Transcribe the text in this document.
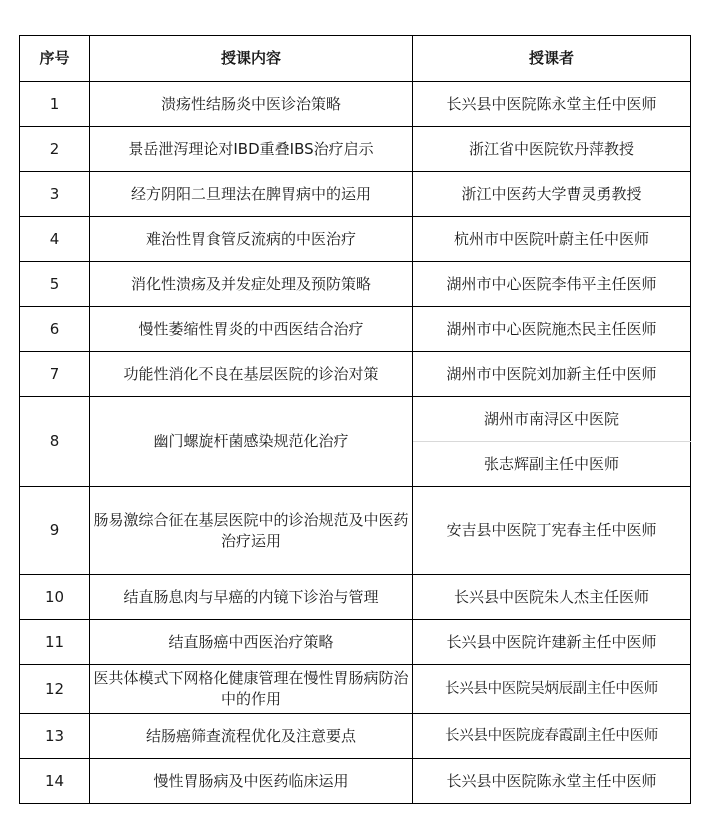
序号	授课内容	授课者
1	溃疡性结肠炎中医诊治策略	长兴县中医院陈永堂主任中医师
2	景岳泄泻理论对IBD重叠IBS治疗启示	浙江省中医院钦丹萍教授
3	经方阴阳二旦理法在脾胃病中的运用	浙江中医药大学曹灵勇教授
4	难治性胃食管反流病的中医治疗	杭州市中医院叶蔚主任中医师
5	消化性溃疡及并发症处理及预防策略	湖州市中心医院李伟平主任医师
6	慢性萎缩性胃炎的中西医结合治疗	湖州市中心医院施杰民主任医师
7	功能性消化不良在基层医院的诊治对策	湖州市中医院刘加新主任中医师
8	幽门螺旋杆菌感染规范化治疗	湖州市南浔区中医院
		张志辉副主任中医师
9	肠易激综合征在基层医院中的诊治规范及中医药治疗运用	安吉县中医院丁宪春主任中医师
10	结直肠息肉与早癌的内镜下诊治与管理	长兴县中医院朱人杰主任医师
11	结直肠癌中西医治疗策略	长兴县中医院许建新主任中医师
12	医共体模式下网格化健康管理在慢性胃肠病防治中的作用	长兴县中医院吴炳辰副主任中医师
13	结肠癌筛查流程优化及注意要点	长兴县中医院庞春霞副主任中医师
14	慢性胃肠病及中医药临床运用	长兴县中医院陈永堂主任中医师
